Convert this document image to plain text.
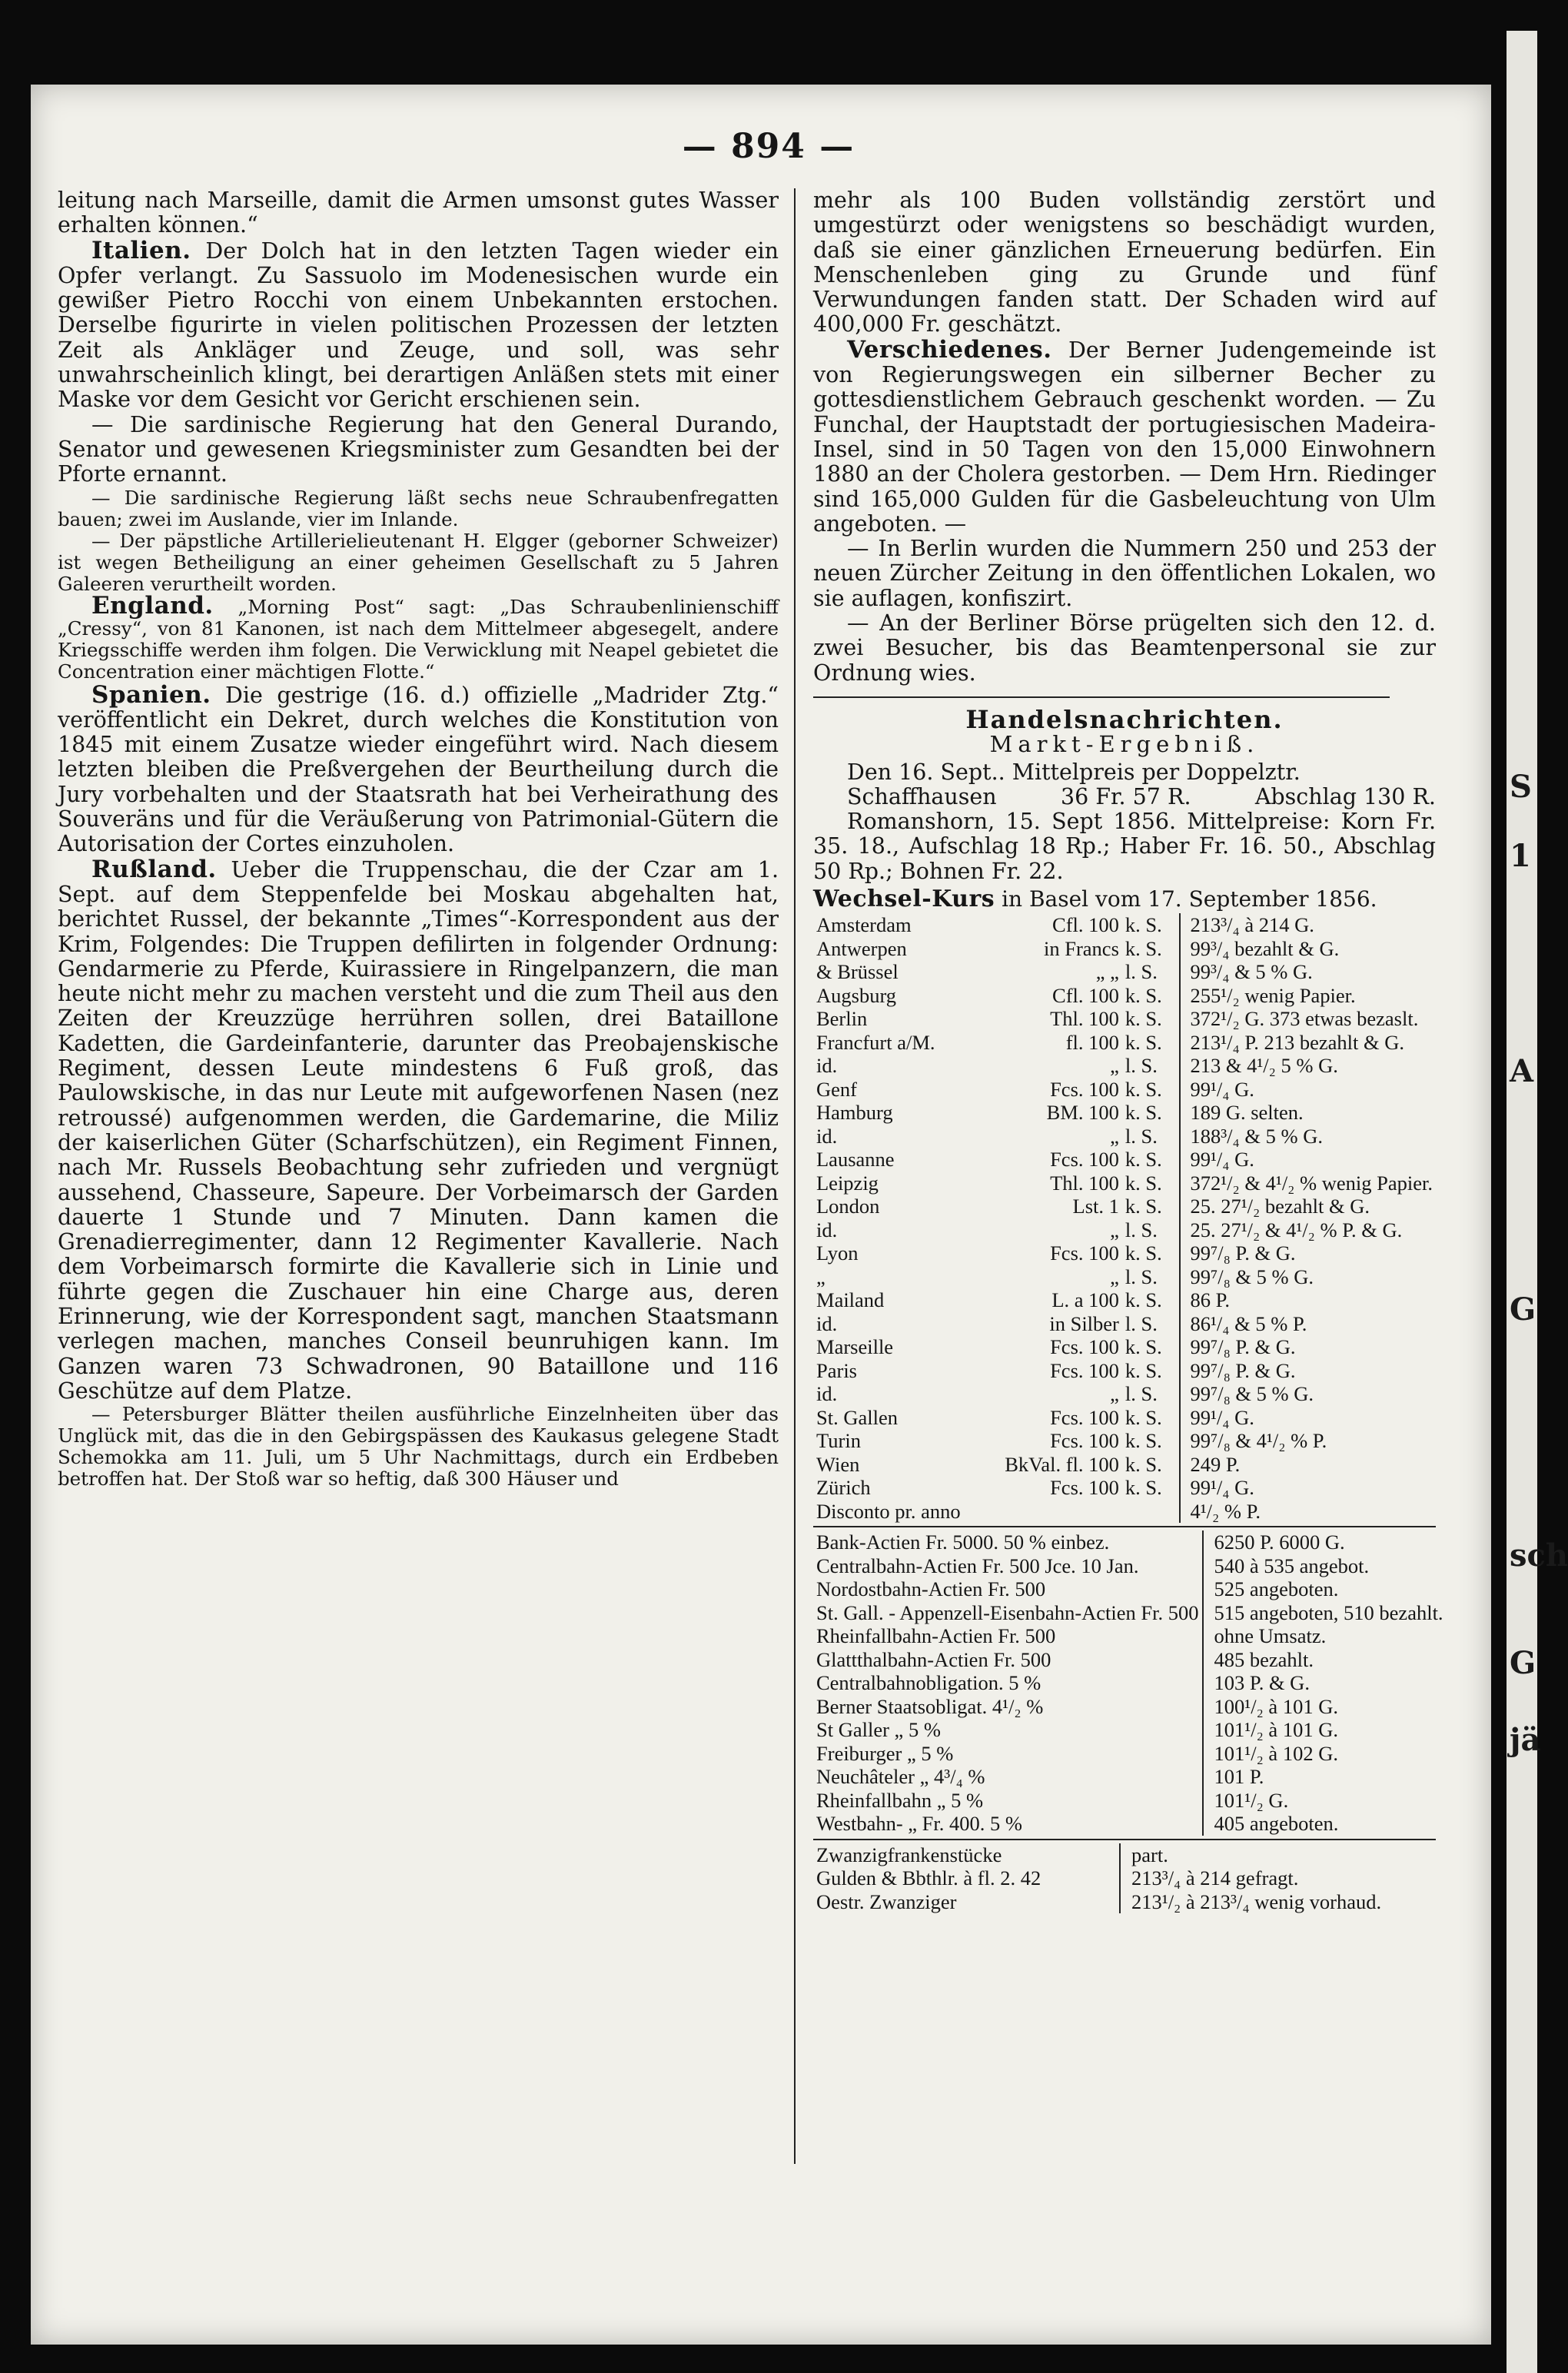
S
1
A
G
sch
G
jä
— 894 —

leitung nach Marseille, damit die Armen umsonst gutes Wasser erhalten können.“

Italien. Der Dolch hat in den letzten Tagen wieder ein Opfer verlangt. Zu Sassuolo im Modenesischen wurde ein gewißer Pietro Rocchi von einem Unbekannten erstochen. Derselbe figurirte in vielen politischen Prozessen der letzten Zeit als Ankläger und Zeuge, und soll, was sehr unwahrscheinlich klingt, bei derartigen Anläßen stets mit einer Maske vor dem Gesicht vor Gericht erschienen sein.

— Die sardinische Regierung hat den General Durando, Senator und gewesenen Kriegsminister zum Gesandten bei der Pforte ernannt.

— Die sardinische Regierung läßt sechs neue Schraubenfregatten bauen; zwei im Auslande, vier im Inlande.

— Der päpstliche Artillerielieutenant H. Elgger (geborner Schweizer) ist wegen Betheiligung an einer geheimen Gesellschaft zu 5 Jahren Galeeren verurtheilt worden.

England. „Morning Post“ sagt: „Das Schraubenlinienschiff „Cressy“, von 81 Kanonen, ist nach dem Mittelmeer abgesegelt, andere Kriegsschiffe werden ihm folgen. Die Verwicklung mit Neapel gebietet die Concentration einer mächtigen Flotte.“

Spanien. Die gestrige (16. d.) offizielle „Madrider Ztg.“ veröffentlicht ein Dekret, durch welches die Konstitution von 1845 mit einem Zusatze wieder eingeführt wird. Nach diesem letzten bleiben die Preßvergehen der Beurtheilung durch die Jury vorbehalten und der Staatsrath hat bei Verheirathung des Souveräns und für die Veräußerung von Patrimonial-Gütern die Autorisation der Cortes einzuholen.

Rußland. Ueber die Truppenschau, die der Czar am 1. Sept. auf dem Steppenfelde bei Moskau abgehalten hat, berichtet Russel, der bekannte „Times“-Korrespondent aus der Krim, Folgendes: Die Truppen defilirten in folgender Ordnung: Gendarmerie zu Pferde, Kuirassiere in Ringelpanzern, die man heute nicht mehr zu machen versteht und die zum Theil aus den Zeiten der Kreuzzüge herrühren sollen, drei Bataillone Kadetten, die Gardeinfanterie, darunter das Preobajenskische Regiment, dessen Leute mindestens 6 Fuß groß, das Paulowskische, in das nur Leute mit aufgeworfenen Nasen (nez retroussé) aufgenommen werden, die Gardemarine, die Miliz der kaiserlichen Güter (Scharfschützen), ein Regiment Finnen, nach Mr. Russels Beobachtung sehr zufrieden und vergnügt aussehend, Chasseure, Sapeure. Der Vorbeimarsch der Garden dauerte 1 Stunde und 7 Minuten. Dann kamen die Grenadierregimenter, dann 12 Regimenter Kavallerie. Nach dem Vorbeimarsch formirte die Kavallerie sich in Linie und führte gegen die Zuschauer hin eine Charge aus, deren Erinnerung, wie der Korrespondent sagt, manchen Staatsmann verlegen machen, manches Conseil beunruhigen kann. Im Ganzen waren 73 Schwadronen, 90 Bataillone und 116 Geschütze auf dem Platze.

— Petersburger Blätter theilen ausführliche Einzelnheiten über das Unglück mit, das die in den Gebirgspässen des Kaukasus gelegene Stadt Schemokka am 11. Juli, um 5 Uhr Nachmittags, durch ein Erdbeben betroffen hat. Der Stoß war so heftig, daß 300 Häuser und

mehr als 100 Buden vollständig zerstört und umgestürzt oder wenigstens so beschädigt wurden, daß sie einer gänzlichen Erneuerung bedürfen. Ein Menschenleben ging zu Grunde und fünf Verwundungen fanden statt. Der Schaden wird auf 400,000 Fr. geschätzt.

Verschiedenes. Der Berner Judengemeinde ist von Regierungswegen ein silberner Becher zu gottesdienstlichem Gebrauch geschenkt worden. — Zu Funchal, der Hauptstadt der portugiesischen Madeira-Insel, sind in 50 Tagen von den 15,000 Einwohnern 1880 an der Cholera gestorben. — Dem Hrn. Riedinger sind 165,000 Gulden für die Gasbeleuchtung von Ulm angeboten. —

— In Berlin wurden die Nummern 250 und 253 der neuen Zürcher Zeitung in den öffentlichen Lokalen, wo sie auflagen, konfiszirt.

— An der Berliner Börse prügelten sich den 12. d. zwei Besucher, bis das Beamtenpersonal sie zur Ordnung wies.

Handelsnachrichten.
Markt-Ergebniß.

Den 16. Sept.. Mittelpreis per Doppelztr.

Schaffhausen	36 Fr. 57 R.	Abschlag 130 R.

Romanshorn, 15. Sept 1856. Mittelpreise: Korn Fr. 35. 18., Aufschlag 18 Rp.; Haber Fr. 16. 50., Abschlag 50 Rp.; Bohnen Fr. 22.

Wechsel-Kurs in Basel vom 17. September 1856.
Amsterdam	Cfl. 100	k. S.	213³/₄ à 214 G.
Antwerpen	in Francs	k. S.	99³/₄ bezahlt & G.
& Brüssel	„ „	l. S.	99³/₄ & 5 % G.
Augsburg	Cfl. 100	k. S.	255¹/₂ wenig Papier.
Berlin	Thl. 100	k. S.	372¹/₂ G. 373 etwas bezaslt.
Francfurt a/M.	fl. 100	k. S.	213¹/₄ P. 213 bezahlt & G.
id.	„	l. S.	213 & 4¹/₂ 5 % G.
Genf	Fcs. 100	k. S.	99¹/₄ G.
Hamburg	BM. 100	k. S.	189 G. selten.
id.	„	l. S.	188³/₄ & 5 % G.
Lausanne	Fcs. 100	k. S.	99¹/₄ G.
Leipzig	Thl. 100	k. S.	372¹/₂ & 4¹/₂ % wenig Papier.
London	Lst. 1	k. S.	25. 27¹/₂ bezahlt & G.
id.	„	l. S.	25. 27¹/₂ & 4¹/₂ % P. & G.
Lyon	Fcs. 100	k. S.	99⁷/₈ P. & G.
„	„	l. S.	99⁷/₈ & 5 % G.
Mailand	L. a 100	k. S.	86 P.
id.	in Silber	l. S.	86¹/₄ & 5 % P.
Marseille	Fcs. 100	k. S.	99⁷/₈ P. & G.
Paris	Fcs. 100	k. S.	99⁷/₈ P. & G.
id.	„	l. S.	99⁷/₈ & 5 % G.
St. Gallen	Fcs. 100	k. S.	99¹/₄ G.
Turin	Fcs. 100	k. S.	99⁷/₈ & 4¹/₂ % P.
Wien	BkVal. fl. 100	k. S.	249 P.
Zürich	Fcs. 100	k. S.	99¹/₄ G.
Disconto pr. anno			4¹/₂ % P.
Bank-Actien Fr. 5000. 50 % einbez.	6250 P. 6000 G.
Centralbahn-Actien Fr. 500 Jce. 10 Jan.	540 à 535 angebot.
Nordostbahn-Actien Fr. 500	525 angeboten.
St. Gall. - Appenzell-Eisenbahn-Actien Fr. 500	515 angeboten, 510 bezahlt.
Rheinfallbahn-Actien Fr. 500	ohne Umsatz.
Glattthalbahn-Actien Fr. 500	485 bezahlt.
Centralbahnobligation. 5 %	103 P. & G.
Berner Staatsobligat. 4¹/₂ %	100¹/₂ à 101 G.
St Galler „ 5 %	101¹/₂ à 101 G.
Freiburger „ 5 %	101¹/₂ à 102 G.
Neuchâteler „ 4³/₄ %	101 P.
Rheinfallbahn „ 5 %	101¹/₂ G.
Westbahn- „ Fr. 400. 5 %	405 angeboten.
Zwanzigfrankenstücke	part.
Gulden & Bbthlr. à fl. 2. 42	213³/₄ à 214 gefragt.
Oestr. Zwanziger	213¹/₂ à 213³/₄ wenig vorhaud.
